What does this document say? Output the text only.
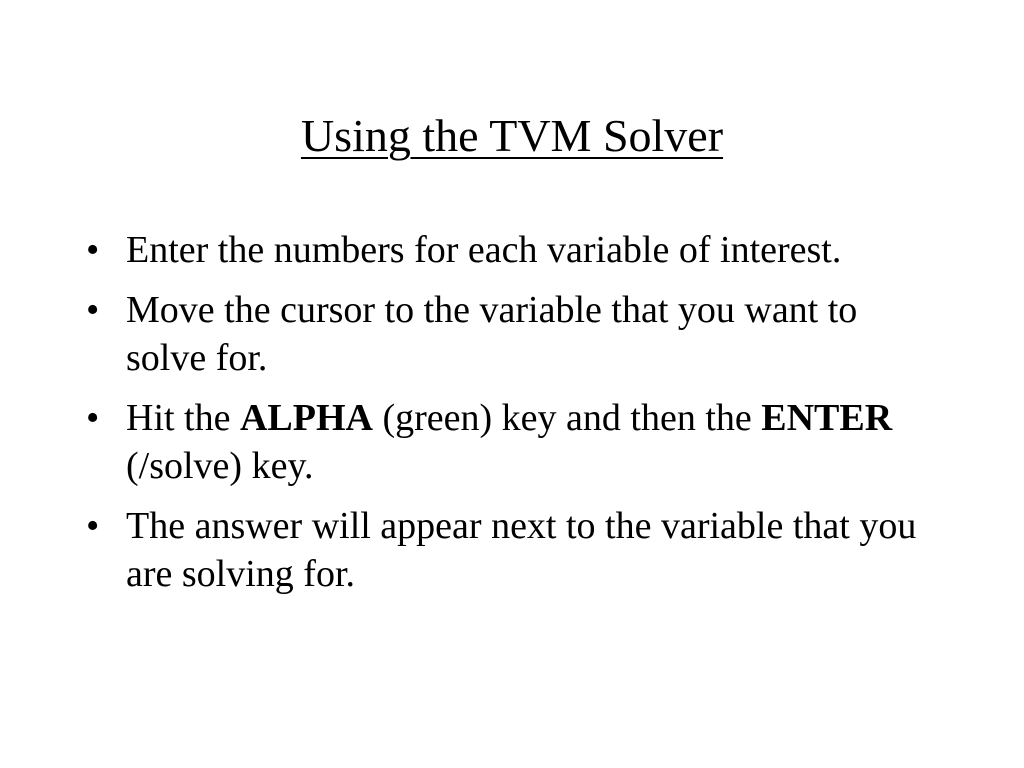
Using the TVM Solver
• Enter the numbers for each variable of interest.
• Move the cursor to the variable that you want to solve for.
• Hit the ALPHA (green) key and then the ENTER (/solve) key.
• The answer will appear next to the variable that you are solving for.
